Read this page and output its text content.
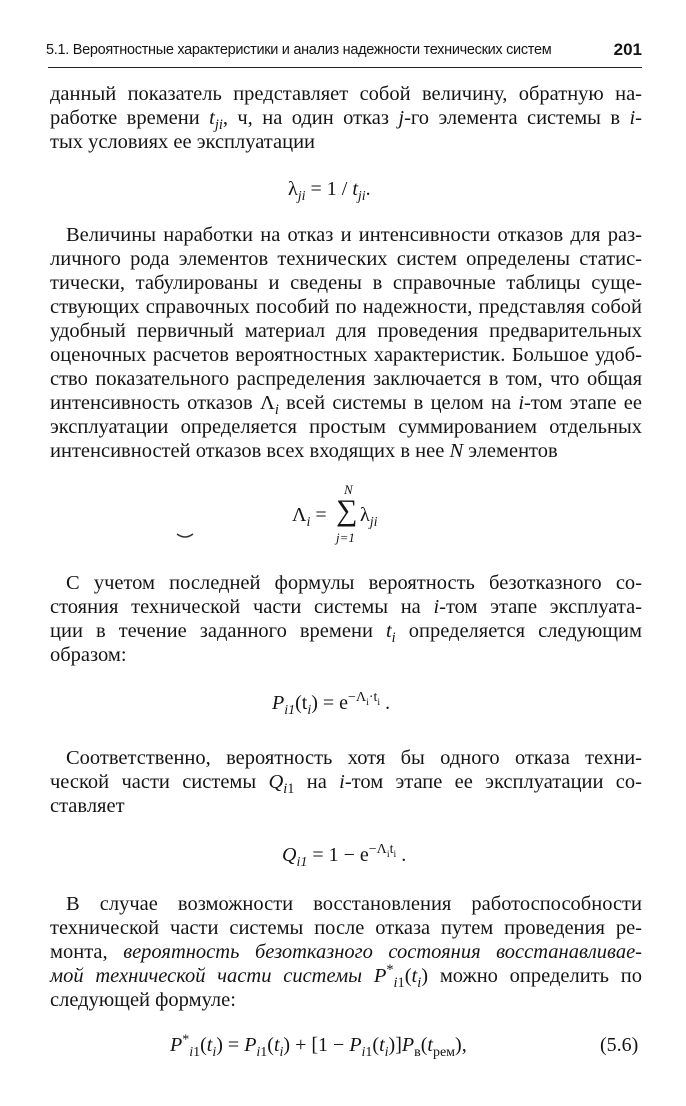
5.1. Вероятностные характеристики и анализ надежности технических систем	201
данный показатель представляет собой величину, обратную на-
работке времени $t_{ji}$, ч, на один отказ j-го элемента системы в i-
тых условиях ее эксплуатации
$\lambda_{ji} = 1 / t_{ji}$.
Величины наработки на отказ и интенсивности отказов для раз-
личного рода элементов технических систем определены статис-
тически, табулированы и сведены в справочные таблицы суще-
ствующих справочных пособий по надежности, представляя собой
удобный первичный материал для проведения предварительных
оценочных расчетов вероятностных характеристик. Большое удоб-
ство показательного распределения заключается в том, что общая
интенсивность отказов $\Lambda_i$ всей системы в целом на i-том этапе ее
эксплуатации определяется простым суммированием отдельных
интенсивностей отказов всех входящих в нее N элементов
$\Lambda_i$ =
N
∑
j=1
$\lambda_{ji}$
С учетом последней формулы вероятность безотказного со-
стояния технической части системы на i-том этапе эксплуата-
ции в течение заданного времени $t_i$ определяется следующим
образом:
$P_{i1}(t_i) = e^{-\Lambda_i\cdot t_i}$ .
Соответственно, вероятность хотя бы одного отказа техни-
ческой части системы $Q_{i1}$ на i-том этапе ее эксплуатации со-
ставляет
$Q_{i1} = 1 - e^{-\Lambda_it_i}$ .
В случае возможности восстановления работоспособности
технической части системы после отказа путем проведения ре-
монта, вероятность безотказного состояния восстанавливае-
мой технической части системы $P^*_{i1}(t_i)$ можно определить по
следующей формуле:
$P^*_{i1}(t_i) = P_{i1}(t_i) + [1 - P_{i1}(t_i)]P_в(t_{рем})$,	(5.6)
